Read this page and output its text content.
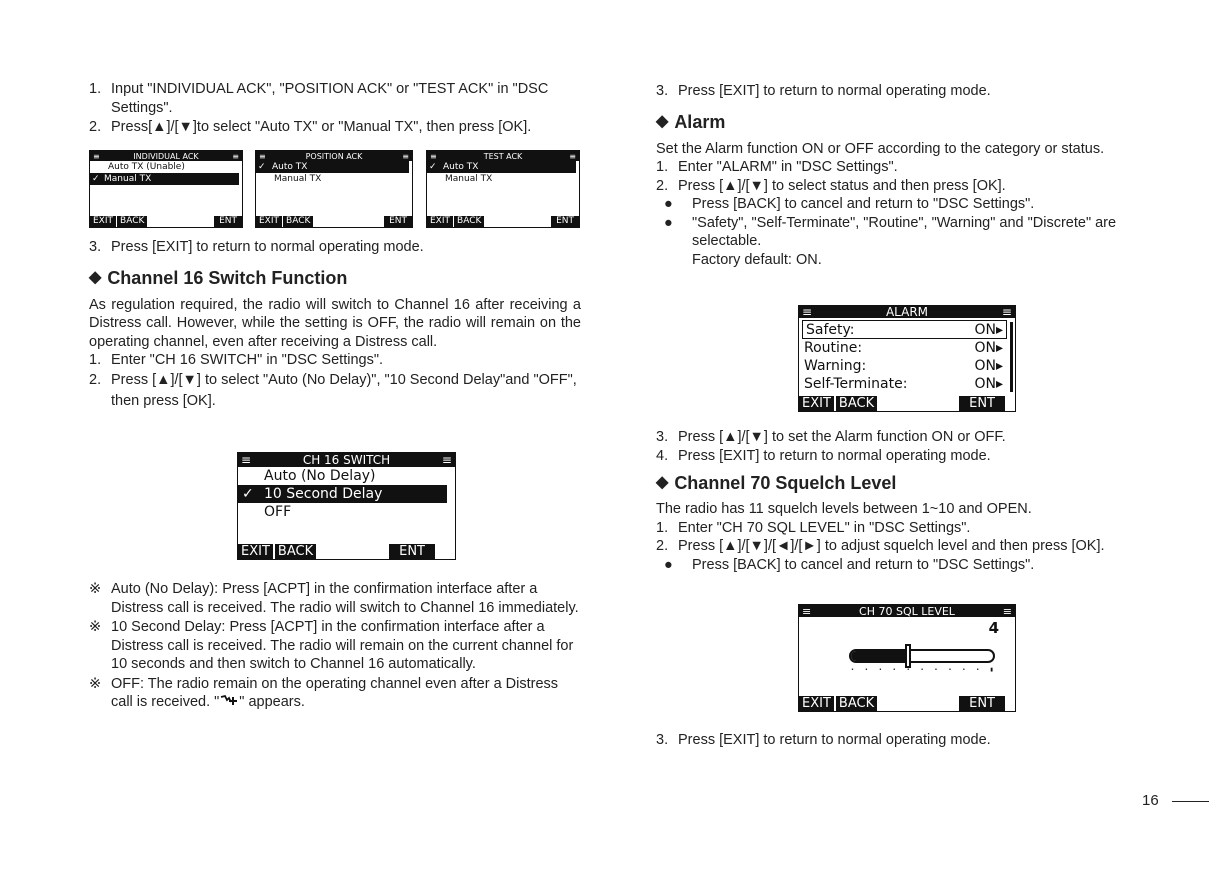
1. Input "INDIVIDUAL ACK", "POSITION ACK" or "TEST ACK" in "DSC Settings".
2. Press[▲]/[▼]to select "Auto TX" or "Manual TX", then press [OK].
≡	INDIVIDUAL ACK	≡
Auto TX (Unable)
✓ Manual TX
EXIT BACK	ENT
≡	POSITION ACK	≡
✓ Auto TX
Manual TX
EXIT BACK	ENT
≡	TEST ACK	≡
✓ Auto TX
Manual TX
EXIT BACK	ENT
3. Press [EXIT] to return to normal operating mode.
◆ Channel 16 Switch Function

As regulation required, the radio will switch to Channel 16 after receiving a Distress call. However, while the setting is OFF, the radio will remain on the operating channel, even after receiving a Distress call.

1. Enter "CH 16 SWITCH" in "DSC Settings".
2. Press [▲]/[▼] to select "Auto (No Delay)", "10 Second Delay"and "OFF", then press [OK].
≡	CH 16 SWITCH	≡
Auto (No Delay)
✓ 10 Second Delay
OFF
EXIT BACK	ENT
※ Auto (No Delay): Press [ACPT] in the confirmation interface after a Distress call is received. The radio will switch to Channel 16 immediately.
※ 10 Second Delay: Press [ACPT] in the confirmation interface after a Distress call is received. The radio will remain on the current channel for 10 seconds and then switch to Channel 16 automatically.
※ OFF: The radio remain on the operating channel even after a Distress call is received. " " appears.
3. Press [EXIT] to return to normal operating mode.
◆ Alarm

Set the Alarm function ON or OFF according to the category or status.

1. Enter "ALARM" in "DSC Settings".
2. Press [▲]/[▼] to select status and then press [OK].
●	Press [BACK] to cancel and return to "DSC Settings".
●	"Safety", "Self-Terminate", "Routine", "Warning" and "Discrete" are selectable.

Factory default: ON.

≡	ALARM	≡
Safety:	ON▸
Routine:	ON▸
Warning:	ON▸
Self-Terminate:	ON▸
EXIT BACK	ENT
3. Press [▲]/[▼] to set the Alarm function ON or OFF.
4. Press [EXIT] to return to normal operating mode.
◆ Channel 70 Squelch Level

The radio has 11 squelch levels between 1~10 and OPEN.

1. Enter "CH 70 SQL LEVEL" in "DSC Settings".
2. Press [▲]/[▼]/[◄]/[►] to adjust squelch level and then press [OK].
●	Press [BACK] to cancel and return to "DSC Settings".
≡	CH 70 SQL LEVEL	≡
4
• • • • • • • • • • ▮
EXIT BACK	ENT
3. Press [EXIT] to return to normal operating mode.
16
